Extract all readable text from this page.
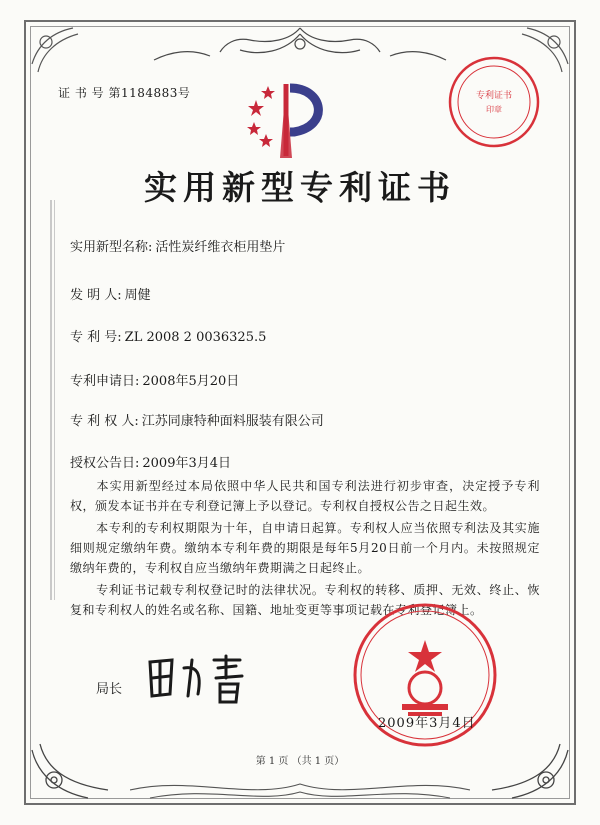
证 书 号 第1184883号	专利证书
印章
实用新型专利证书
实用新型名称: 活性炭纤维衣柜用垫片
发 明 人: 周健
专 利 号: ZL 2008 2 0036325.5
专利申请日: 2008年5月20日
专 利 权 人: 江苏同康特种面料服装有限公司
授权公告日: 2009年3月4日
本实用新型经过本局依照中华人民共和国专利法进行初步审查，决定授予专利权，颁发本证书并在专利登记簿上予以登记。专利权自授权公告之日起生效。
本专利的专利权期限为十年，自申请日起算。专利权人应当依照专利法及其实施细则规定缴纳年费。缴纳本专利年费的期限是每年5月20日前一个月内。未按照规定缴纳年费的，专利权自应当缴纳年费期满之日起终止。
专利证书记载专利权登记时的法律状况。专利权的转移、质押、无效、终止、恢复和专利权人的姓名或名称、国籍、地址变更等事项记载在专利登记簿上。
局长
2009年3月4日
第 1 页 （共 1 页）
